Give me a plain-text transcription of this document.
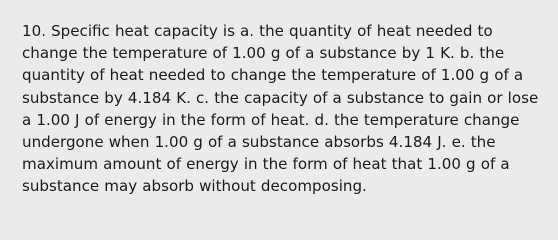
10. Specific heat capacity is a. the quantity of heat needed to change the temperature of 1.00 g of a substance by 1 K. b. the quantity of heat needed to change the temperature of 1.00 g of a substance by 4.184 K. c. the capacity of a substance to gain or lose a 1.00 J of energy in the form of heat. d. the temperature change undergone when 1.00 g of a substance absorbs 4.184 J. e. the maximum amount of energy in the form of heat that 1.00 g of a substance may absorb without decomposing.
